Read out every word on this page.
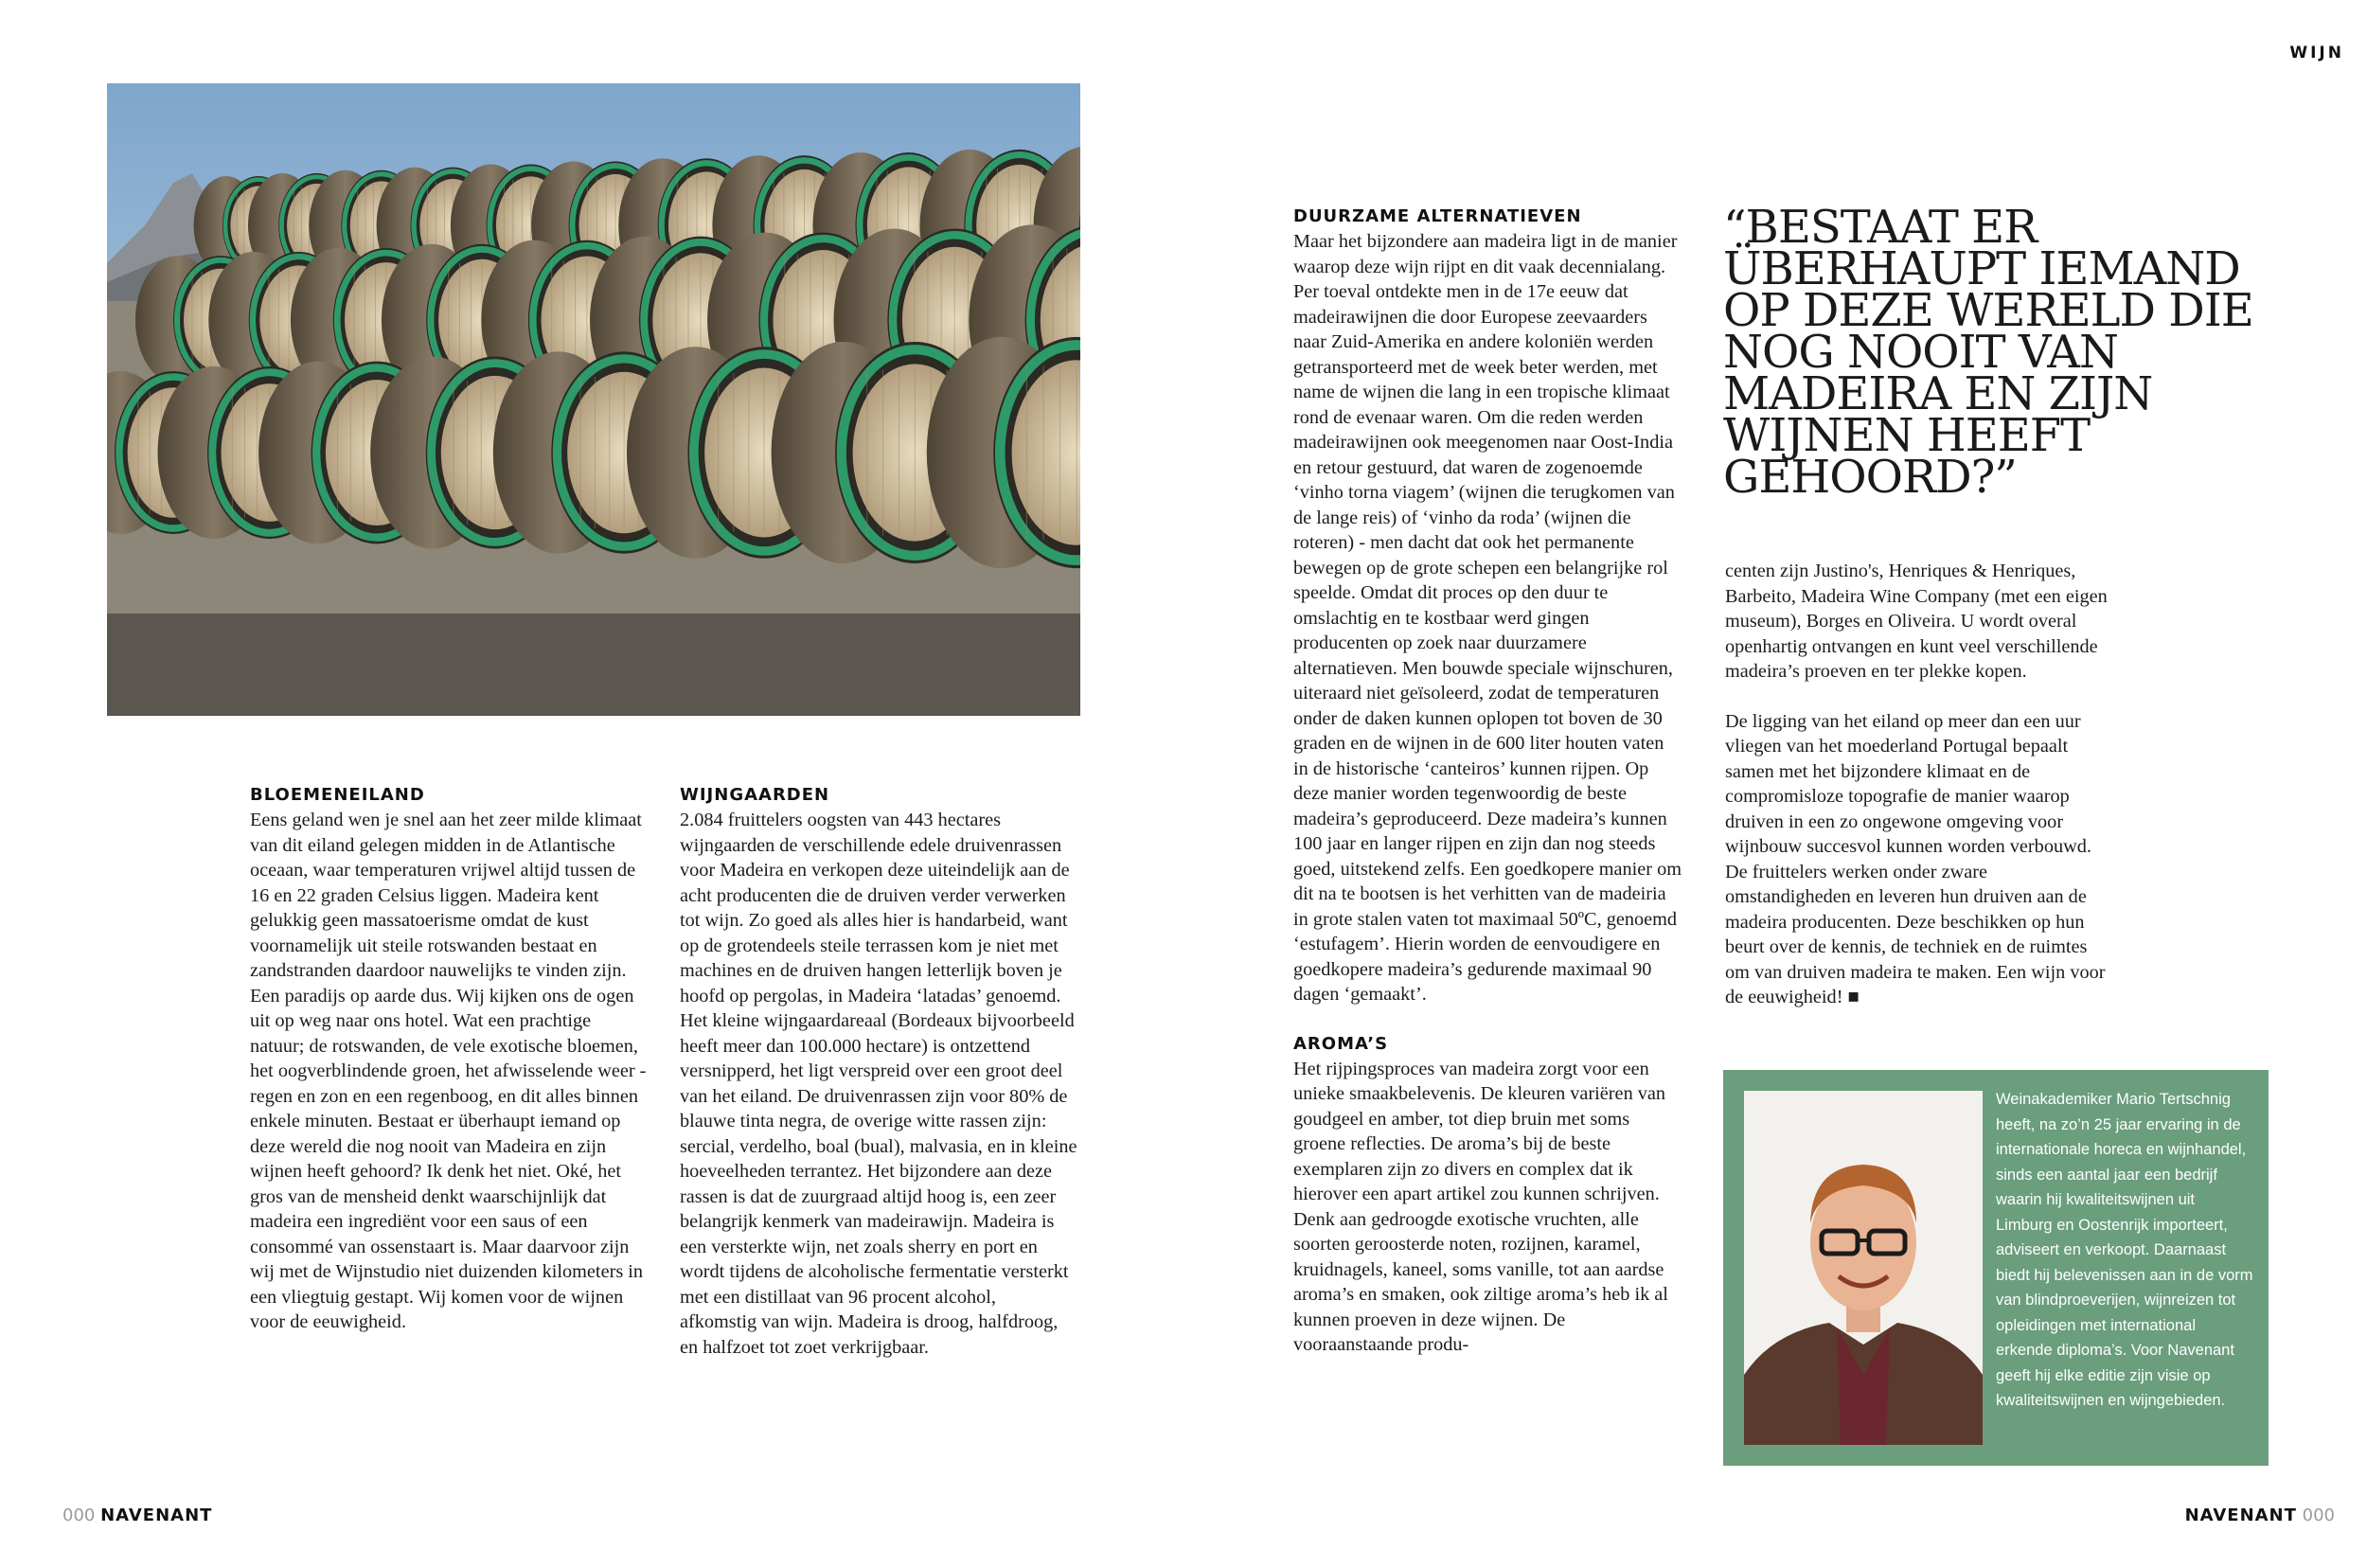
WIJN
BLOEMENEILAND

Eens geland wen je snel aan het zeer milde klimaat van dit eiland gelegen midden in de Atlantische oceaan, waar temperaturen vrijwel altijd tussen de 16 en 22 graden Celsius liggen. Madeira kent gelukkig geen massatoerisme omdat de kust voornamelijk uit steile rotswanden bestaat en zandstranden daardoor nauwelijks te vinden zijn. Een paradijs op aarde dus. Wij kijken ons de ogen uit op weg naar ons hotel. Wat een prachtige natuur; de rotswanden, de vele exotische bloemen, het oogverblindende groen, het afwisselende weer - regen en zon en een regenboog, en dit alles binnen enkele minuten. Bestaat er überhaupt iemand op deze wereld die nog nooit van Madeira en zijn wijnen heeft gehoord? Ik denk het niet. Oké, het gros van de mensheid denkt waarschijnlijk dat madeira een ingrediënt voor een saus of een consommé van ossenstaart is. Maar daarvoor zijn wij met de Wijnstudio niet duizenden kilometers in een vliegtuig gestapt. Wij komen voor de wijnen voor de eeuwigheid.

WIJNGAARDEN

2.084 fruittelers oogsten van 443 hectares wijngaarden de verschillende edele druivenrassen voor Madeira en verkopen deze uiteindelijk aan de acht producenten die de druiven verder verwerken tot wijn. Zo goed als alles hier is handarbeid, want op de grotendeels steile terrassen kom je niet met machines en de druiven hangen letterlijk boven je hoofd op pergolas, in Madeira ‘latadas’ genoemd. Het kleine wijngaardareaal (Bordeaux bijvoorbeeld heeft meer dan 100.000 hectare) is ontzettend versnipperd, het ligt verspreid over een groot deel van het eiland. De druivenrassen zijn voor 80% de blauwe tinta negra, de overige witte rassen zijn: sercial, verdelho, boal (bual), malvasia, en in kleine hoeveelheden terrantez. Het bijzondere aan deze rassen is dat de zuurgraad altijd hoog is, een zeer belangrijk kenmerk van madeirawijn. Madeira is een versterkte wijn, net zoals sherry en port en wordt tijdens de alcoholische fermentatie versterkt met een distillaat van 96 procent alcohol, afkomstig van wijn. Madeira is droog, halfdroog, en halfzoet tot zoet verkrijgbaar.

DUURZAME ALTERNATIEVEN

Maar het bijzondere aan madeira ligt in de manier waarop deze wijn rijpt en dit vaak decennialang. Per toeval ontdekte men in de 17e eeuw dat madeirawijnen die door Europese zeevaarders naar Zuid-Amerika en andere koloniën werden getransporteerd met de week beter werden, met name de wijnen die lang in een tropische klimaat rond de evenaar waren. Om die reden werden madeirawijnen ook meegenomen naar Oost-India en retour gestuurd, dat waren de zogenoemde ‘vinho torna viagem’ (wijnen die terugkomen van de lange reis) of ‘vinho da roda’ (wijnen die roteren) - men dacht dat ook het permanente bewegen op de grote schepen een belangrijke rol speelde. Omdat dit proces op den duur te omslachtig en te kostbaar werd gingen producenten op zoek naar duurzamere alternatieven. Men bouwde speciale wijnschuren, uiteraard niet geïsoleerd, zodat de temperaturen onder de daken kunnen oplopen tot boven de 30 graden en de wijnen in de 600 liter houten vaten in de historische ‘canteiros’ kunnen rijpen. Op deze manier worden tegenwoordig de beste madeira’s geproduceerd. Deze madeira’s kunnen 100 jaar en langer rijpen en zijn dan nog steeds goed, uitstekend zelfs. Een goedkopere manier om dit na te bootsen is het verhitten van de madeiria in grote stalen vaten tot maximaal 50ºC, genoemd ‘estufagem’. Hierin worden de eenvoudigere en goedkopere madeira’s gedurende maximaal 90 dagen ‘gemaakt’.

AROMA’S

Het rijpingsproces van madeira zorgt voor een unieke smaakbelevenis. De kleuren variëren van goudgeel en amber, tot diep bruin met soms groene reflecties. De aroma’s bij de beste exemplaren zijn zo divers en complex dat ik hierover een apart artikel zou kunnen schrijven. Denk aan gedroogde exotische vruchten, alle soorten geroosterde noten, rozijnen, karamel, kruidnagels, kaneel, soms vanille, tot aan aardse aroma’s en smaken, ook ziltige aroma’s heb ik al kunnen proeven in deze wijnen. De vooraanstaande produ-

“BESTAAT ER ÜBERHAUPT IEMAND OP DEZE WERELD DIE NOG NOOIT VAN MADEIRA EN ZIJN WIJNEN HEEFT GEHOORD?”

centen zijn Justino's, Henriques & Henriques, Barbeito, Madeira Wine Company (met een eigen museum), Borges en Oliveira. U wordt overal openhartig ontvangen en kunt veel verschillende madeira’s proeven en ter plekke kopen.

De ligging van het eiland op meer dan een uur vliegen van het moederland Portugal bepaalt samen met het bijzondere klimaat en de compromisloze topografie de manier waarop druiven in een zo ongewone omgeving voor wijnbouw succesvol kunnen worden verbouwd. De fruittelers werken onder zware omstandigheden en leveren hun druiven aan de madeira producenten. Deze beschikken op hun beurt over de kennis, de techniek en de ruimtes om van druiven madeira te maken. Een wijn voor de eeuwigheid! ■

Weinakademiker Mario Tertschnig heeft, na zo’n 25 jaar ervaring in de internationale horeca en wijnhandel, sinds een aantal jaar een bedrijf waarin hij kwaliteitswijnen uit Limburg en Oostenrijk importeert, adviseert en verkoopt. Daarnaast biedt hij belevenissen aan in de vorm van blindproeverijen, wijnreizen tot opleidingen met international erkende diploma’s. Voor Navenant geeft hij elke editie zijn visie op kwaliteitswijnen en wijngebieden.
000 NAVENANT	NAVENANT 000
